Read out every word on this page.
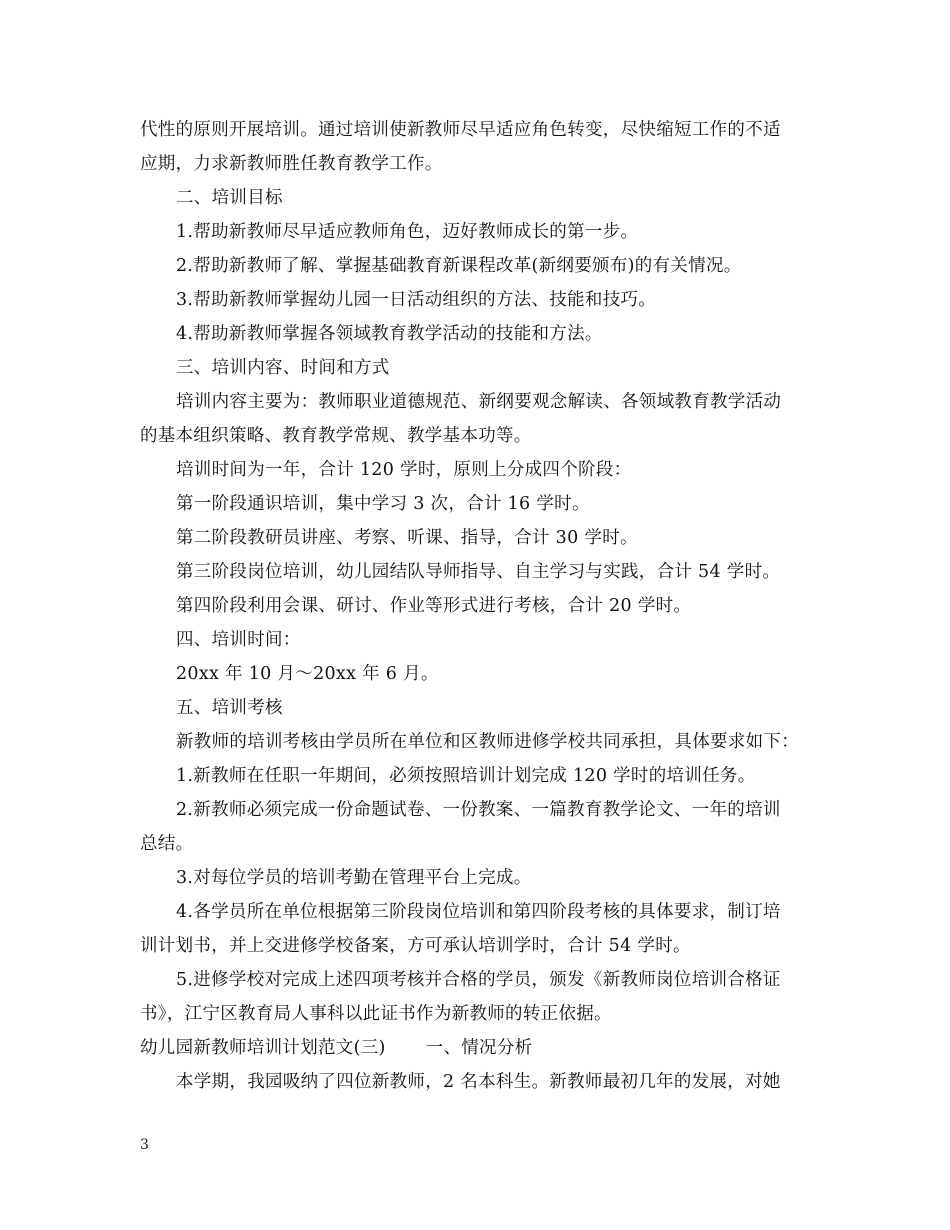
代性的原则开展培训。通过培训使新教师尽早适应角色转变，尽快缩短工作的不适
应期，力求新教师胜任教育教学工作。
二、培训目标
1.帮助新教师尽早适应教师角色，迈好教师成长的第一步。
2.帮助新教师了解、掌握基础教育新课程改革(新纲要颁布)的有关情况。
3.帮助新教师掌握幼儿园一日活动组织的方法、技能和技巧。
4.帮助新教师掌握各领域教育教学活动的技能和方法。
三、培训内容、时间和方式
培训内容主要为：教师职业道德规范、新纲要观念解读、各领域教育教学活动
的基本组织策略、教育教学常规、教学基本功等。
培训时间为一年，合计 120 学时，原则上分成四个阶段：
第一阶段通识培训，集中学习 3 次，合计 16 学时。
第二阶段教研员讲座、考察、听课、指导，合计 30 学时。
第三阶段岗位培训，幼儿园结队导师指导、自主学习与实践，合计 54 学时。
第四阶段利用会课、研讨、作业等形式进行考核，合计 20 学时。
四、培训时间：
20xx 年 10 月～20xx 年 6 月。
五、培训考核
新教师的培训考核由学员所在单位和区教师进修学校共同承担，具体要求如下：
1.新教师在任职一年期间，必须按照培训计划完成 120 学时的培训任务。
2.新教师必须完成一份命题试卷、一份教案、一篇教育教学论文、一年的培训
总结。
3.对每位学员的培训考勤在管理平台上完成。
4.各学员所在单位根据第三阶段岗位培训和第四阶段考核的具体要求，制订培
训计划书，并上交进修学校备案，方可承认培训学时，合计 54 学时。
5.进修学校对完成上述四项考核并合格的学员，颁发《新教师岗位培训合格证
书》，江宁区教育局人事科以此证书作为新教师的转正依据。
幼儿园新教师培训计划范文(三) 一、情况分析
本学期，我园吸纳了四位新教师，2 名本科生。新教师最初几年的发展，对她
3
